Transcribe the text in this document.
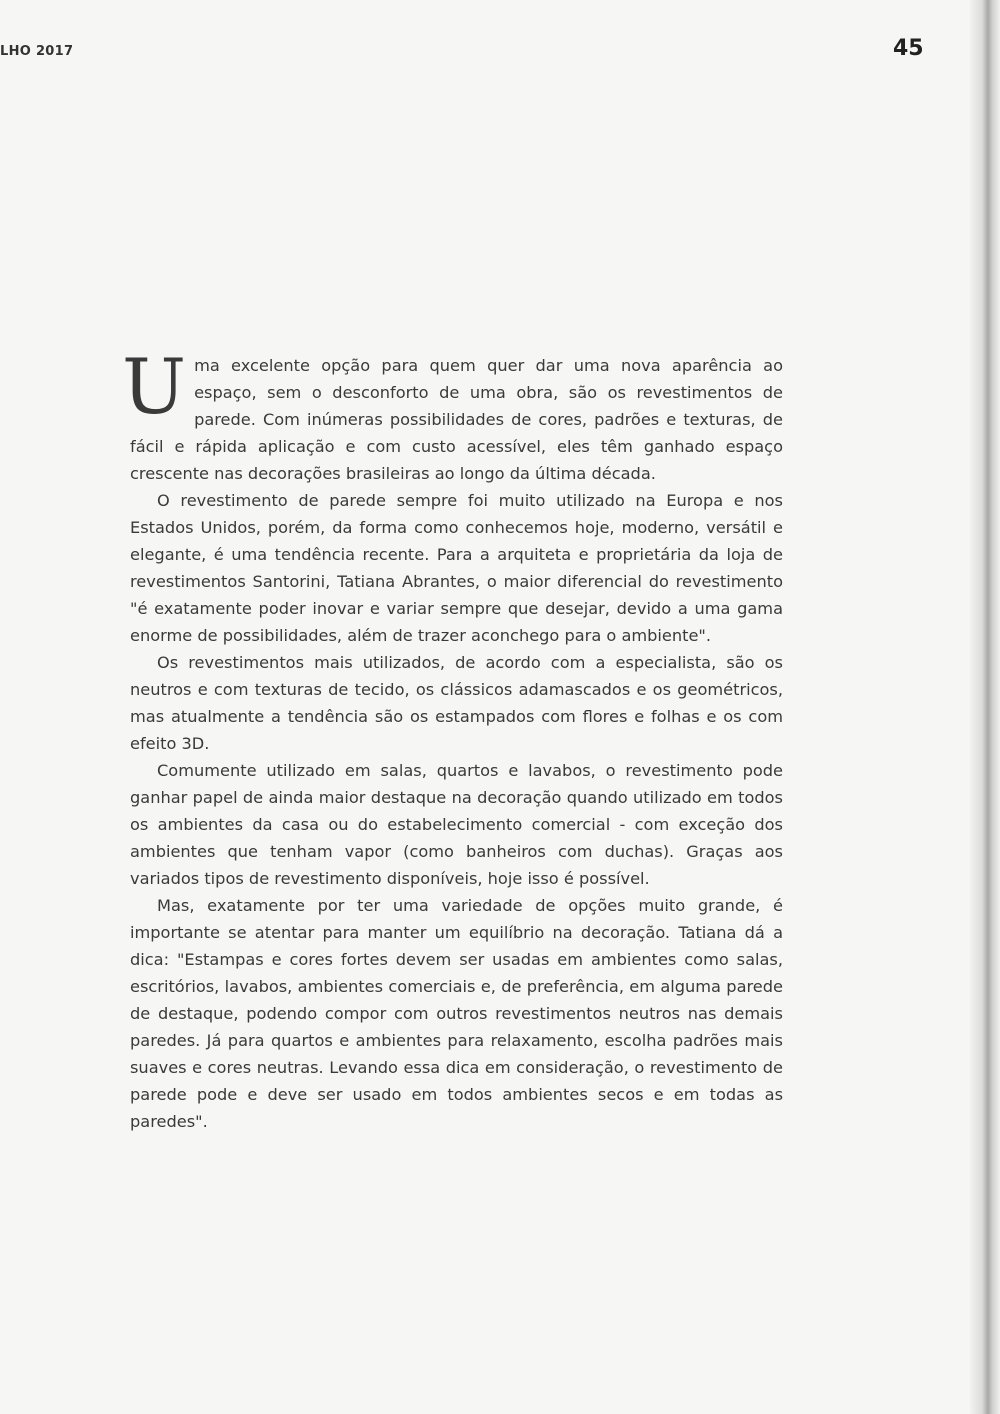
LHO 2017	45

Uma excelente opção para quem quer dar uma nova aparência ao espaço, sem o desconforto de uma obra, são os revestimentos de parede. Com inúmeras possibilidades de cores, padrões e texturas, de fácil e rápida aplicação e com custo acessível, eles têm ganhado espaço crescente nas decorações brasileiras ao longo da última década.

O revestimento de parede sempre foi muito utilizado na Europa e nos Estados Unidos, porém, da forma como conhecemos hoje, moderno, versátil e elegante, é uma tendência recente. Para a arquiteta e proprietária da loja de revestimentos Santorini, Tatiana Abrantes, o maior diferencial do revestimento "é exatamente poder inovar e variar sempre que desejar, devido a uma gama enorme de possibilidades, além de trazer aconchego para o ambiente".

Os revestimentos mais utilizados, de acordo com a especialista, são os neutros e com texturas de tecido, os clássicos adamascados e os geométricos, mas atualmente a tendência são os estampados com flores e folhas e os com efeito 3D.

Comumente utilizado em salas, quartos e lavabos, o revestimento pode ganhar papel de ainda maior destaque na decoração quando utilizado em todos os ambientes da casa ou do estabelecimento comercial - com exceção dos ambientes que tenham vapor (como banheiros com duchas). Graças aos variados tipos de revestimento disponíveis, hoje isso é possível.

Mas, exatamente por ter uma variedade de opções muito grande, é importante se atentar para manter um equilíbrio na decoração. Tatiana dá a dica: "Estampas e cores fortes devem ser usadas em ambientes como salas, escritórios, lavabos, ambientes comerciais e, de preferência, em alguma parede de destaque, podendo compor com outros revestimentos neutros nas demais paredes. Já para quartos e ambientes para relaxamento, escolha padrões mais suaves e cores neutras. Levando essa dica em consideração, o revestimento de parede pode e deve ser usado em todos ambientes secos e em todas as paredes".
